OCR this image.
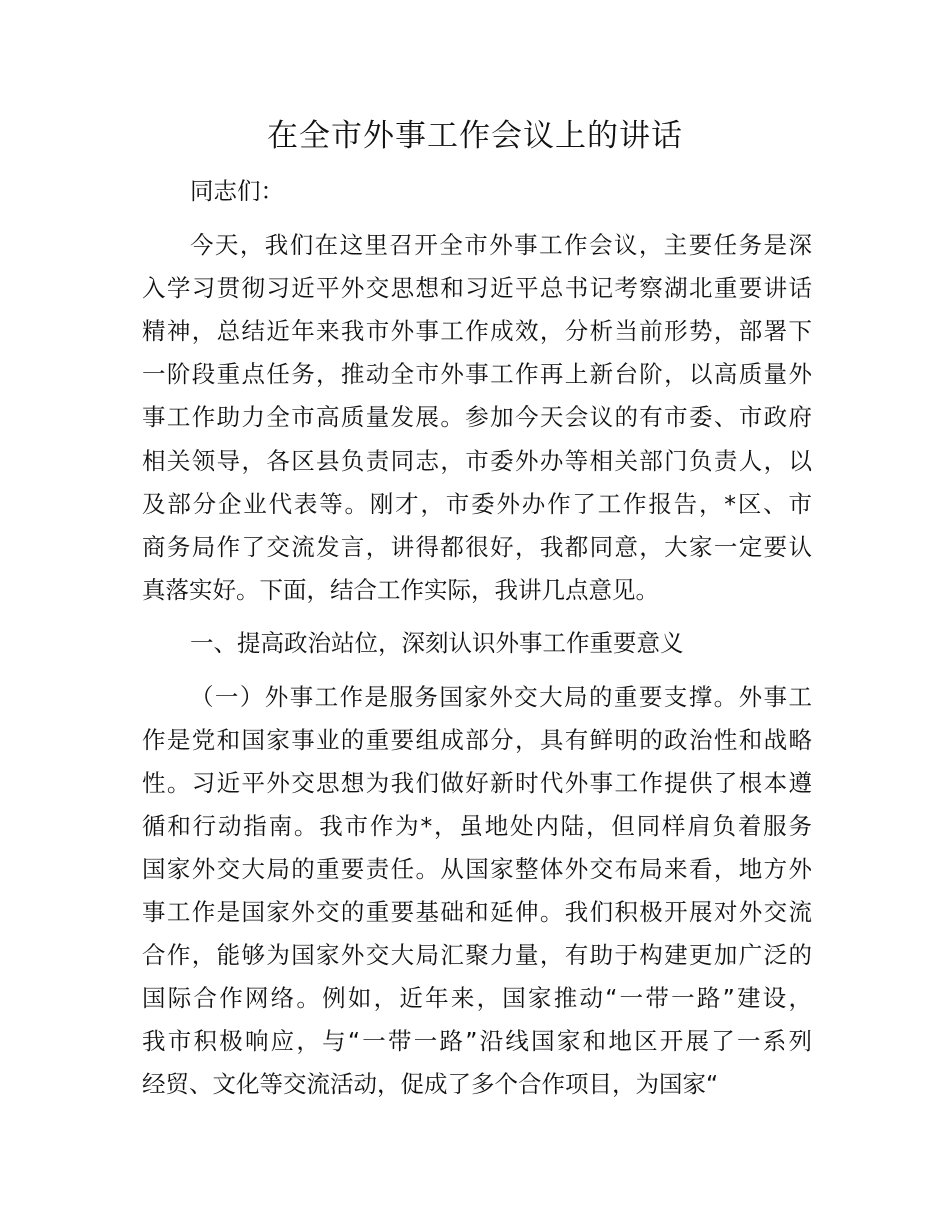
在全市外事工作会议上的讲话
同志们：
今天，我们在这里召开全市外事工作会议，主要任务是深
入学习贯彻习近平外交思想和习近平总书记考察湖北重要讲话
精神，总结近年来我市外事工作成效，分析当前形势，部署下
一阶段重点任务，推动全市外事工作再上新台阶，以高质量外
事工作助力全市高质量发展。参加今天会议的有市委、市政府
相关领导，各区县负责同志，市委外办等相关部门负责人，以
及部分企业代表等。刚才，市委外办作了工作报告，*区、市
商务局作了交流发言，讲得都很好，我都同意，大家一定要认
真落实好。下面，结合工作实际，我讲几点意见。
一、提高政治站位，深刻认识外事工作重要意义
（一）外事工作是服务国家外交大局的重要支撑。外事工
作是党和国家事业的重要组成部分，具有鲜明的政治性和战略
性。习近平外交思想为我们做好新时代外事工作提供了根本遵
循和行动指南。我市作为*，虽地处内陆，但同样肩负着服务
国家外交大局的重要责任。从国家整体外交布局来看，地方外
事工作是国家外交的重要基础和延伸。我们积极开展对外交流
合作，能够为国家外交大局汇聚力量，有助于构建更加广泛的
国际合作网络。例如，近年来，国家推动“一带一路”建设，
我市积极响应，与“一带一路”沿线国家和地区开展了一系列
经贸、文化等交流活动，促成了多个合作项目，为国家“
